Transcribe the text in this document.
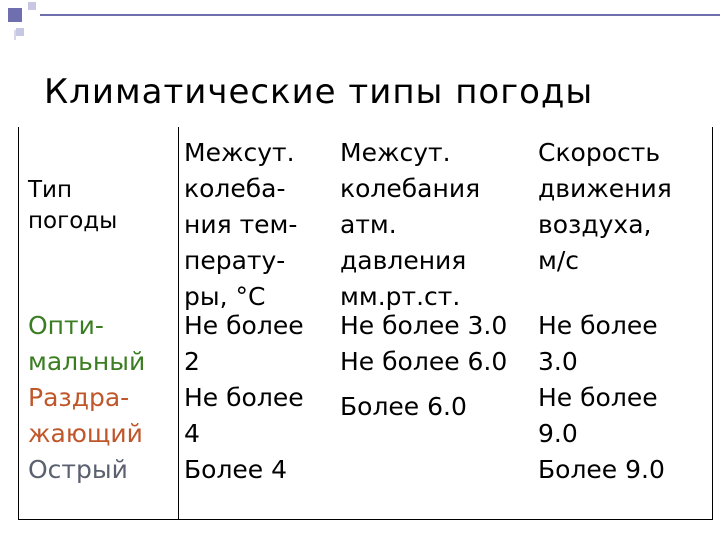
Климатические типы погоды
Тип
погоды
Межсут.
колеба-
ния тем-
перату-
ры, °С
Межсут.
колебания
атм.
давления
мм.рт.ст.
Скорость
движения
воздуха,
м/с
Опти-
мальный
Раздра-
жающий
Острый
Не более
2
Не более
4
Более 4
Не более 3.0
Не более 6.0
Более 6.0
Не более
3.0
Не более
9.0
Более 9.0
